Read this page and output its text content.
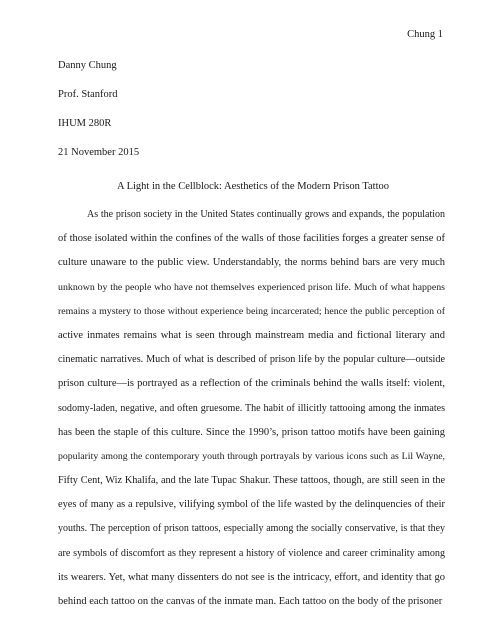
Chung 1
Danny Chung
Prof. Stanford
IHUM 280R
21 November 2015
A Light in the Cellblock: Aesthetics of the Modern Prison Tattoo
As the prison society in the United States continually grows and expands, the population
of those isolated within the confines of the walls of those facilities forges a greater sense of
culture unaware to the public view. Understandably, the norms behind bars are very much
unknown by the people who have not themselves experienced prison life. Much of what happens
remains a mystery to those without experience being incarcerated; hence the public perception of
active inmates remains what is seen through mainstream media and fictional literary and
cinematic narratives. Much of what is described of prison life by the popular culture—outside
prison culture—is portrayed as a reflection of the criminals behind the walls itself: violent,
sodomy-laden, negative, and often gruesome. The habit of illicitly tattooing among the inmates
has been the staple of this culture. Since the 1990’s, prison tattoo motifs have been gaining
popularity among the contemporary youth through portrayals by various icons such as Lil Wayne,
Fifty Cent, Wiz Khalifa, and the late Tupac Shakur. These tattoos, though, are still seen in the
eyes of many as a repulsive, vilifying symbol of the life wasted by the delinquencies of their
youths. The perception of prison tattoos, especially among the socially conservative, is that they
are symbols of discomfort as they represent a history of violence and career criminality among
its wearers. Yet, what many dissenters do not see is the intricacy, effort, and identity that go
behind each tattoo on the canvas of the inmate man. Each tattoo on the body of the prisoner
